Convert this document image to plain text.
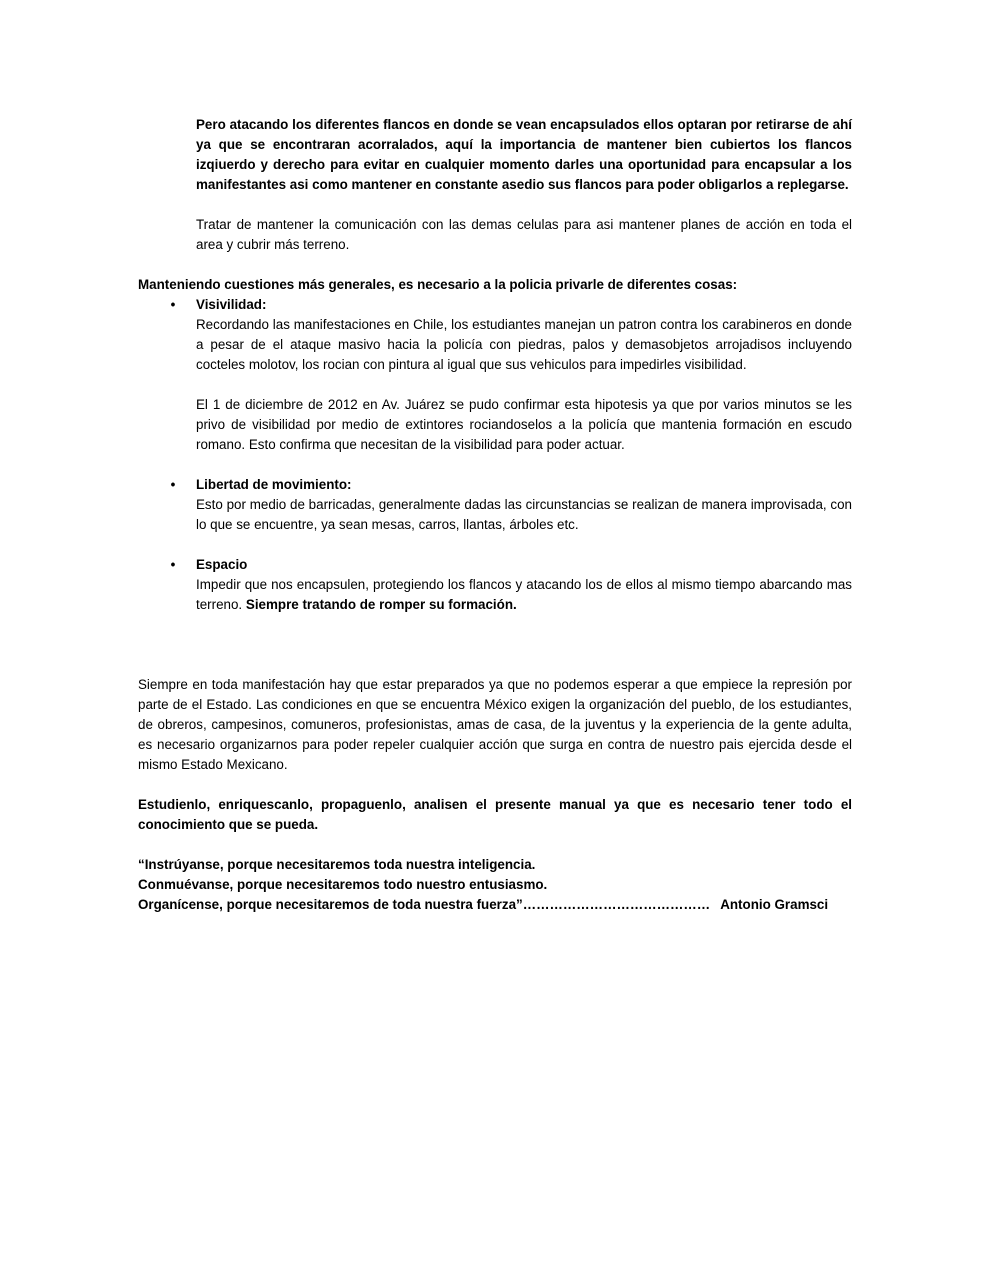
Pero atacando los diferentes flancos en donde se vean encapsulados ellos optaran por retirarse de ahí ya que se encontraran acorralados, aquí la importancia de mantener bien cubiertos los flancos izqiuerdo y derecho para evitar en cualquier momento darles una oportunidad para encapsular a los manifestantes asi como mantener en constante asedio sus flancos para poder obligarlos a replegarse.

Tratar de mantener la comunicación con las demas celulas para asi mantener planes de acción en toda el area y cubrir más terreno.

Manteniendo cuestiones más generales, es necesario a la policia privarle de diferentes cosas:

• Visivilidad:

Recordando las manifestaciones en Chile, los estudiantes manejan un patron contra los carabineros en donde a pesar de el ataque masivo hacia la policía con piedras, palos y demasobjetos arrojadisos incluyendo cocteles molotov, los rocian con pintura al igual que sus vehiculos para impedirles visibilidad.

El 1 de diciembre de 2012 en Av. Juárez se pudo confirmar esta hipotesis ya que por varios minutos se les privo de visibilidad por medio de extintores rociandoselos a la policía que mantenia formación en escudo romano. Esto confirma que necesitan de la visibilidad para poder actuar.

• Libertad de movimiento:

Esto por medio de barricadas, generalmente dadas las circunstancias se realizan de manera improvisada, con lo que se encuentre, ya sean mesas, carros, llantas, árboles etc.

• Espacio

Impedir que nos encapsulen, protegiendo los flancos y atacando los de ellos al mismo tiempo abarcando mas terreno. Siempre tratando de romper su formación.

Siempre en toda manifestación hay que estar preparados ya que no podemos esperar a que empiece la represión por parte de el Estado. Las condiciones en que se encuentra México exigen la organización del pueblo, de los estudiantes, de obreros, campesinos, comuneros, profesionistas, amas de casa, de la juventus y la experiencia de la gente adulta, es necesario organizarnos para poder repeler cualquier acción que surga en contra de nuestro pais ejercida desde el mismo Estado Mexicano.

Estudienlo, enriquescanlo, propaguenlo, analisen el presente manual ya que es necesario tener todo el conocimiento que se pueda.

“Instrúyanse, porque necesitaremos toda nuestra inteligencia.
Conmuévanse, porque necesitaremos todo nuestro entusiasmo.
Organícense, porque necesitaremos de toda nuestra fuerza”…………………………………… Antonio Gramsci
